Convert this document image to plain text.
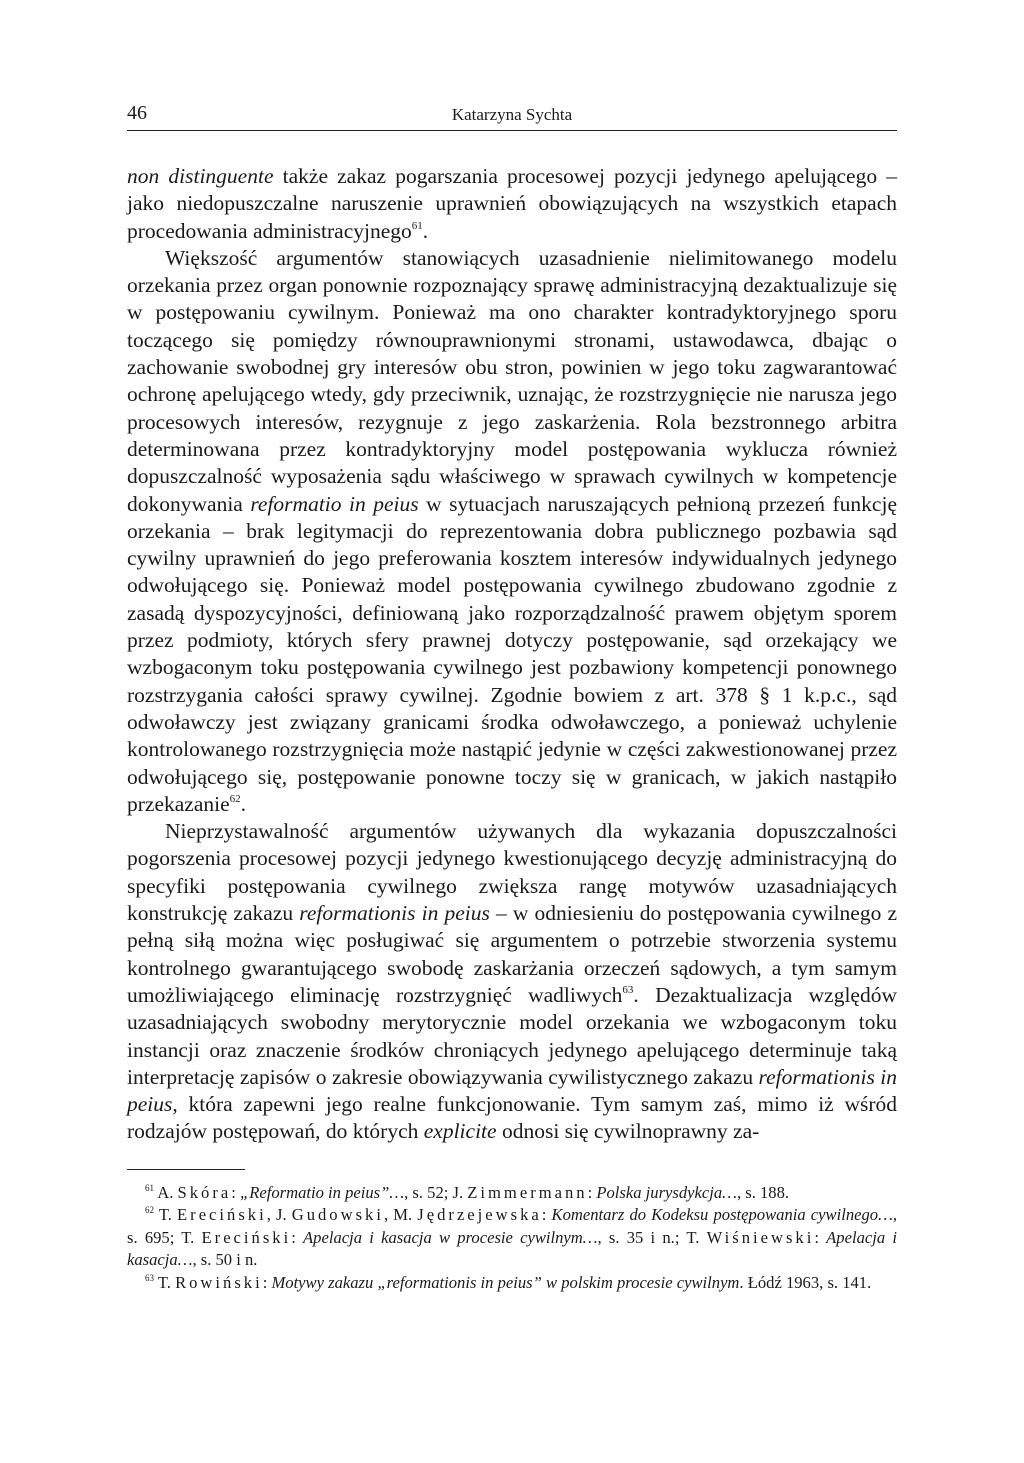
46	Katarzyna Sychta

non distinguente także zakaz pogarszania procesowej pozycji jedynego apelującego – jako niedopuszczalne naruszenie uprawnień obowiązujących na wszystkich etapach procedowania administracyjnego$^{61}$.

Większość argumentów stanowiących uzasadnienie nielimitowanego modelu orzekania przez organ ponownie rozpoznający sprawę administracyjną dezaktualizuje się w postępowaniu cywilnym. Ponieważ ma ono charakter kontradyktoryjnego sporu toczącego się pomiędzy równouprawnionymi stronami, ustawodawca, dbając o zachowanie swobodnej gry interesów obu stron, powinien w jego toku zagwarantować ochronę apelującego wtedy, gdy przeciwnik, uznając, że rozstrzygnięcie nie narusza jego procesowych interesów, rezygnuje z jego zaskarżenia. Rola bezstronnego arbitra determinowana przez kontradyktoryjny model postępowania wyklucza również dopuszczalność wyposażenia sądu właściwego w sprawach cywilnych w kompetencje dokonywania reformatio in peius w sytuacjach naruszających pełnioną przezeń funkcję orzekania – brak legitymacji do reprezentowania dobra publicznego pozbawia sąd cywilny uprawnień do jego preferowania kosztem interesów indywidualnych jedynego odwołującego się. Ponieważ model postępowania cywilnego zbudowano zgodnie z zasadą dyspozycyjności, definiowaną jako rozporządzalność prawem objętym sporem przez podmioty, których sfery prawnej dotyczy postępowanie, sąd orzekający we wzbogaconym toku postępowania cywilnego jest pozbawiony kompetencji ponownego rozstrzygania całości sprawy cywilnej. Zgodnie bowiem z art. 378 § 1 k.p.c., sąd odwoławczy jest związany granicami środka odwoławczego, a ponieważ uchylenie kontrolowanego rozstrzygnięcia może nastąpić jedynie w części zakwestionowanej przez odwołującego się, postępowanie ponowne toczy się w granicach, w jakich nastąpiło przekazanie$^{62}$.

Nieprzystawalność argumentów używanych dla wykazania dopuszczalności pogorszenia procesowej pozycji jedynego kwestionującego decyzję administracyjną do specyfiki postępowania cywilnego zwiększa rangę motywów uzasadniających konstrukcję zakazu reformationis in peius – w odniesieniu do postępowania cywilnego z pełną siłą można więc posługiwać się argumentem o potrzebie stworzenia systemu kontrolnego gwarantującego swobodę zaskarżania orzeczeń sądowych, a tym samym umożliwiającego eliminację rozstrzygnięć wadliwych$^{63}$. Dezaktualizacja względów uzasadniających swobodny merytorycznie model orzekania we wzbogaconym toku instancji oraz znaczenie środków chroniących jedynego apelującego determinuje taką interpretację zapisów o zakresie obowiązywania cywilistycznego zakazu reformationis in peius, która zapewni jego realne funkcjonowanie. Tym samym zaś, mimo iż wśród rodzajów postępowań, do których explicite odnosi się cywilnoprawny za-

$^{61}$ A. Skóra: „Reformatio in peius”…, s. 52; J. Zimmermann: Polska jurysdykcja…, s. 188.

$^{62}$ T. Ereciński, J. Gudowski, M. Jędrzejewska: Komentarz do Kodeksu postępowania cywilnego…, s. 695; T. Ereciński: Apelacja i kasacja w procesie cywilnym…, s. 35 i n.; T. Wiśniewski: Apelacja i kasacja…, s. 50 i n.

$^{63}$ T. Rowiński: Motywy zakazu „reformationis in peius” w polskim procesie cywilnym. Łódź 1963, s. 141.
